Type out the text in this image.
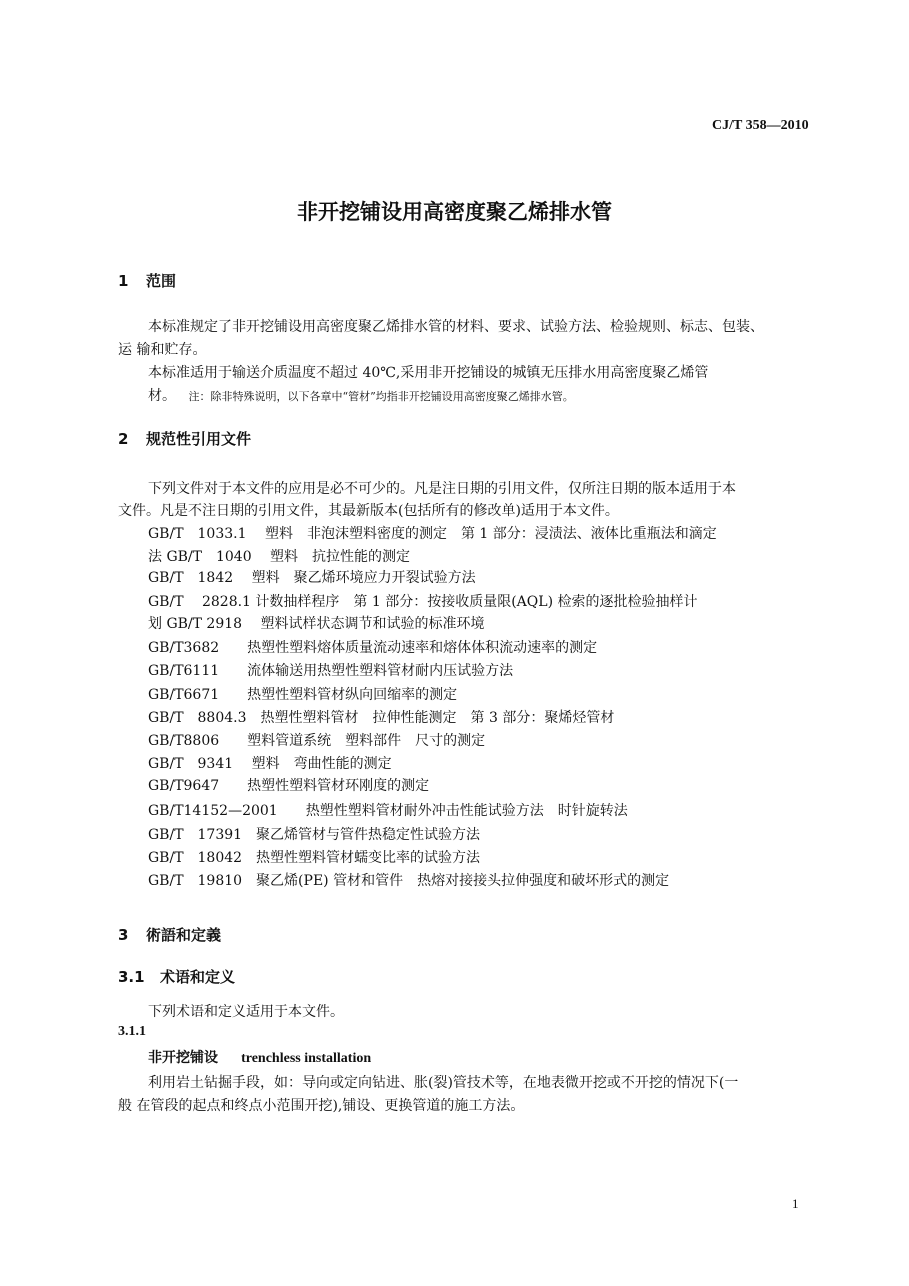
CJ/T 358—2010
非开挖铺设用高密度聚乙烯排水管
1 范围
本标准规定了非开挖铺设用高密度聚乙烯排水管的材料、要求、试验方法、检验规则、标志、包装、
运 输和贮存。
本标准适用于输送介质温度不超过 40℃,采用非开挖铺设的城镇无压排水用高密度聚乙烯管
材。 注：除非特殊说明，以下各章中“管材”均指非开挖铺设用高密度聚乙烯排水管。
2 规范性引用文件
下列文件对于本文件的应用是必不可少的。凡是注日期的引用文件，仅所注日期的版本适用于本
文件。凡是不注日期的引用文件，其最新版本(包括所有的修改单)适用于本文件。
GB/T　1033.1　 塑料　非泡沫塑料密度的测定　第 1 部分：浸渍法、液体比重瓶法和滴定
法 GB/T　1040　 塑料　抗拉性能的测定
GB/T　1842　 塑料　聚乙烯环境应力开裂试验方法
GB/T　 2828.1 计数抽样程序　第 1 部分：按接收质量限(AQL) 检索的逐批检验抽样计
划 GB/T 2918　 塑料试样状态调节和试验的标准环境
GB/T3682　　热塑性塑料熔体质量流动速率和熔体体积流动速率的测定
GB/T6111　　流体输送用热塑性塑料管材耐内压试验方法
GB/T6671　　热塑性塑料管材纵向回缩率的测定
GB/T　8804.3　热塑性塑料管材　拉伸性能测定　第 3 部分：聚烯烃管材
GB/T8806　　塑料管道系统　塑料部件　尺寸的测定
GB/T　9341　 塑料　弯曲性能的测定
GB/T9647　　热塑性塑料管材环刚度的测定
GB/T14152—2001　　热塑性塑料管材耐外冲击性能试验方法　时针旋转法
GB/T　17391　聚乙烯管材与管件热稳定性试验方法
GB/T　18042　热塑性塑料管材蠕变比率的试验方法
GB/T　19810　聚乙烯(PE) 管材和管件　热熔对接接头拉伸强度和破坏形式的测定
3 術語和定義
3.1 术语和定义
下列术语和定义适用于本文件。
3.1.1
非开挖铺设 trenchless installation
利用岩土钻掘手段，如：导向或定向钻进、胀(裂)管技术等，在地表微开挖或不开挖的情况下(一
般 在管段的起点和终点小范围开挖),铺设、更换管道的施工方法。
1
